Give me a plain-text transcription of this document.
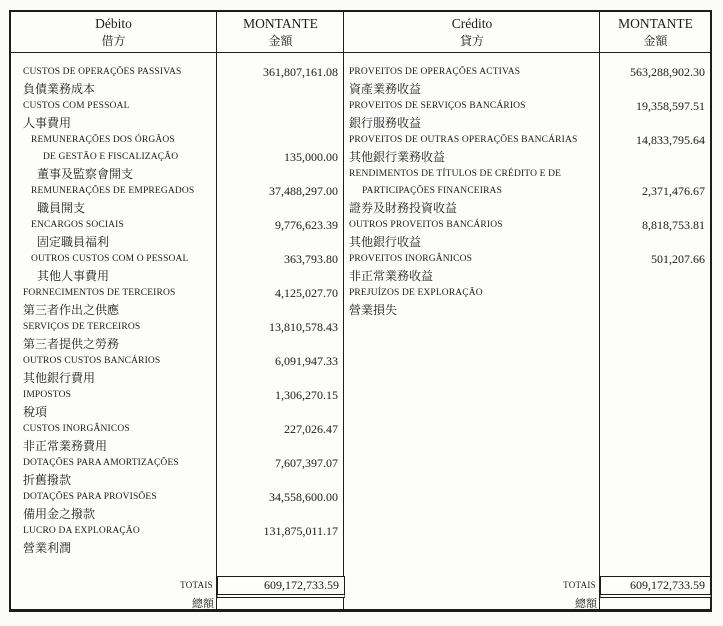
Débito
借方
MONTANTE
金額
Crédito
貸方
MONTANTE
金額
CUSTOS DE OPERAÇÕES PASSIVAS
負債業務成本
CUSTOS COM PESSOAL
人事費用
REMUNERAÇÕES DOS ÓRGÃOS
DE GESTÃO E FISCALIZAÇÃO
董事及監察會開支
REMUNERAÇÕES DE EMPREGADOS
職員開支
ENCARGOS SOCIAIS
固定職員福利
OUTROS CUSTOS COM O PESSOAL
其他人事費用
FORNECIMENTOS DE TERCEIROS
第三者作出之供應
SERVIÇOS DE TERCEIROS
第三者提供之勞務
OUTROS CUSTOS BANCÁRIOS
其他銀行費用
IMPOSTOS
稅項
CUSTOS INORGÂNICOS
非正常業務費用
DOTAÇÕES PARA AMORTIZAÇÕES
折舊撥款
DOTAÇÕES PARA PROVISÕES
備用金之撥款
LUCRO DA EXPLORAÇÃO
營業利潤
361,807,161.08
135,000.00
37,488,297.00
9,776,623.39
363,793.80
4,125,027.70
13,810,578.43
6,091,947.33
1,306,270.15
227,026.47
7,607,397.07
34,558,600.00
131,875,011.17
PROVEITOS DE OPERAÇÕES ACTIVAS
資產業務收益
PROVEITOS DE SERVIÇOS BANCÁRIOS
銀行服務收益
PROVEITOS DE OUTRAS OPERAÇÕES BANCÁRIAS
其他銀行業務收益
RENDIMENTOS DE TÍTULOS DE CRÉDITO E DE
PARTICIPAÇÕES FINANCEIRAS
證券及財務投資收益
OUTROS PROVEITOS BANCÁRIOS
其他銀行收益
PROVEITOS INORGÂNICOS
非正常業務收益
PREJUÍZOS DE EXPLORAÇÃO
營業損失
563,288,902.30
19,358,597.51
14,833,795.64
2,371,476.67
8,818,753.81
501,207.66
TOTAIS	609,172,733.59
總額
TOTAIS	609,172,733.59
總額
